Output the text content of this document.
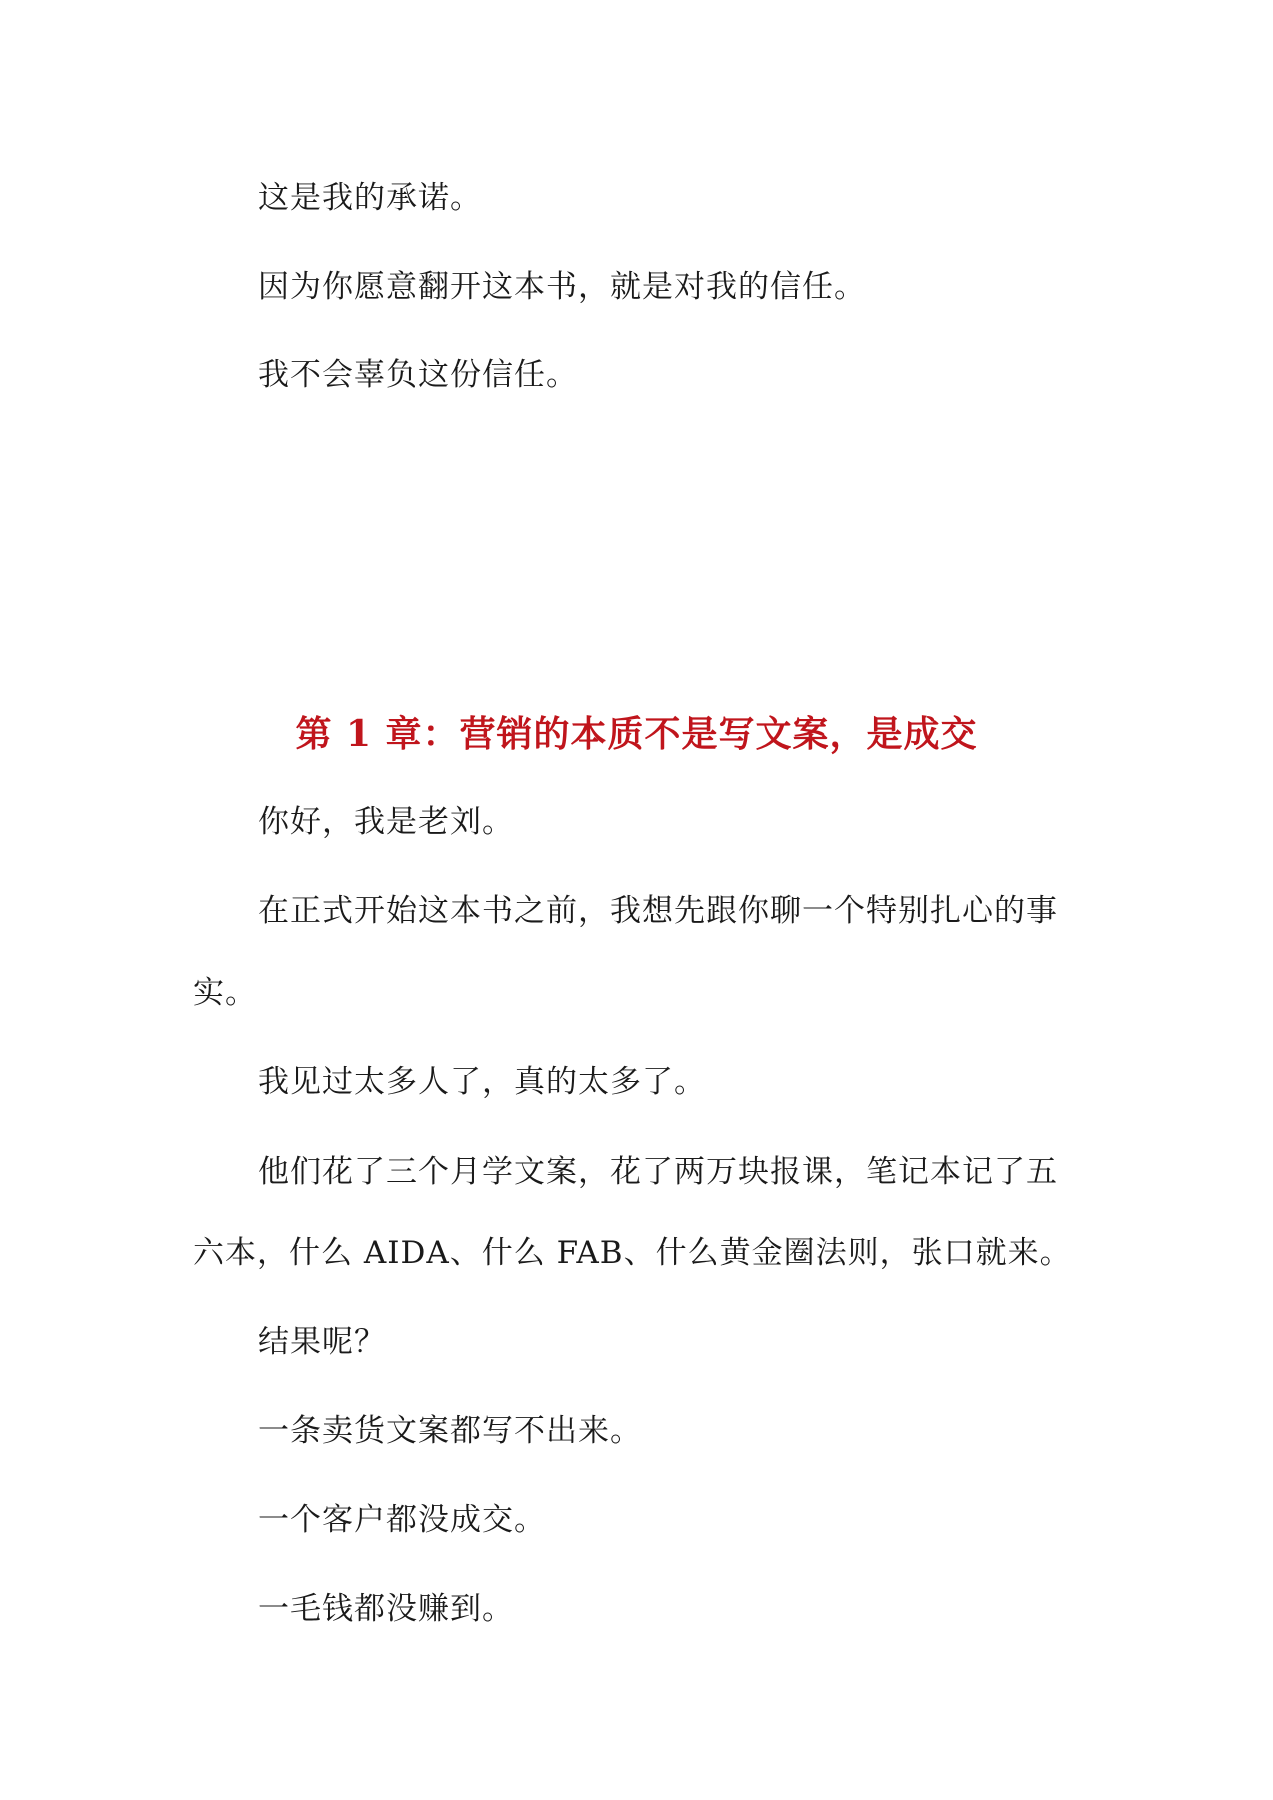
这是我的承诺。
因为你愿意翻开这本书，就是对我的信任。
我不会辜负这份信任。
第 1 章：营销的本质不是写文案，是成交
你好，我是老刘。
在正式开始这本书之前，我想先跟你聊一个特别扎心的事
实。
我见过太多人了，真的太多了。
他们花了三个月学文案，花了两万块报课，笔记本记了五
六本，什么 AIDA、什么 FAB、什么黄金圈法则，张口就来。
结果呢？
一条卖货文案都写不出来。
一个客户都没成交。
一毛钱都没赚到。
